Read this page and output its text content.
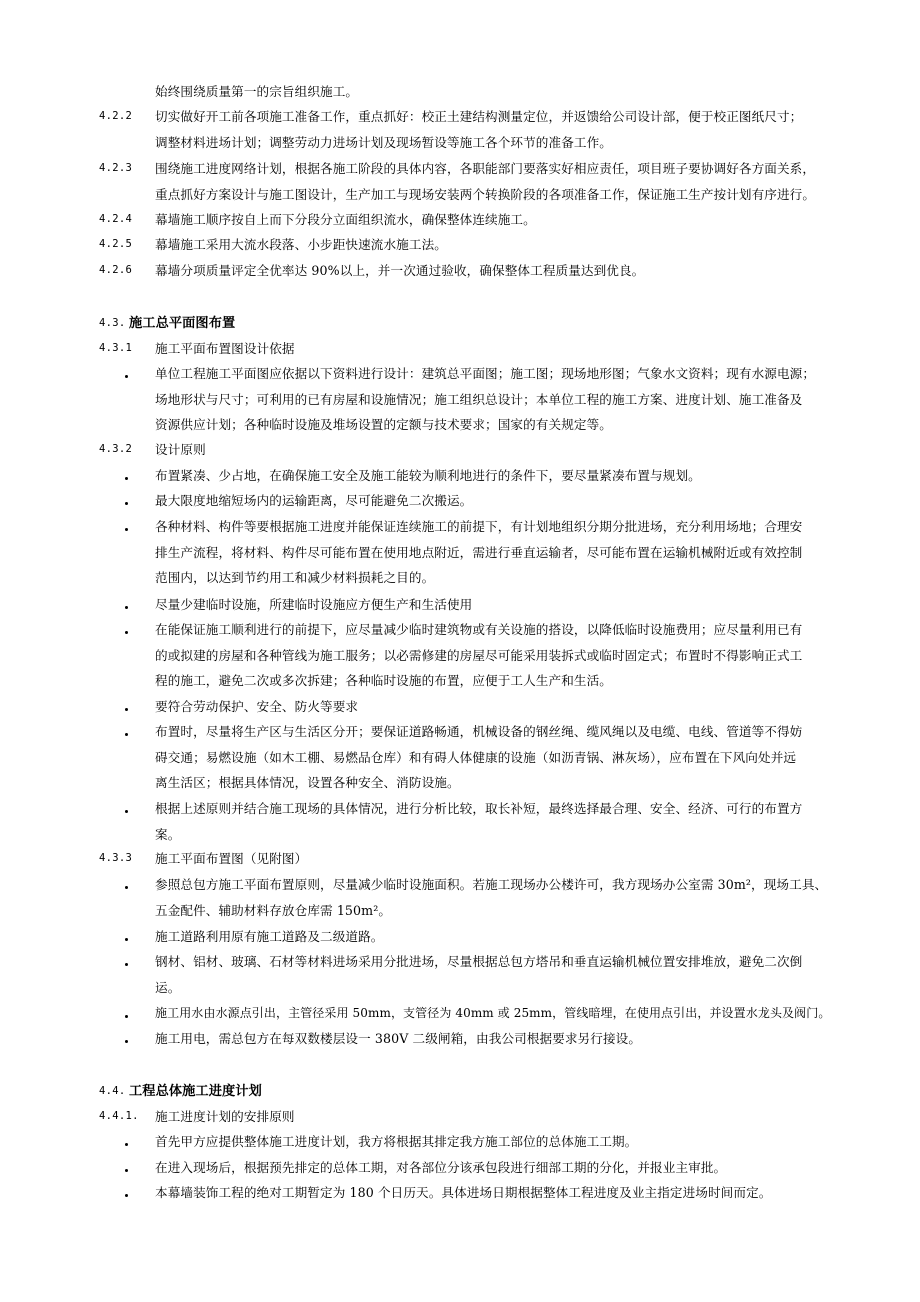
始终围绕质量第一的宗旨组织施工。
4.2.2 切实做好开工前各项施工准备工作，重点抓好：校正土建结构测量定位，并返馈给公司设计部，便于校正图纸尺寸；
调整材料进场计划；调整劳动力进场计划及现场暂设等施工各个环节的准备工作。
4.2.3 围绕施工进度网络计划，根据各施工阶段的具体内容，各职能部门要落实好相应责任，项目班子要协调好各方面关系，
重点抓好方案设计与施工图设计，生产加工与现场安装两个转换阶段的各项准备工作，保证施工生产按计划有序进行。
4.2.4 幕墙施工顺序按自上而下分段分立面组织流水，确保整体连续施工。
4.2.5 幕墙施工采用大流水段落、小步距快速流水施工法。
4.2.6 幕墙分项质量评定全优率达 90%以上，并一次通过验收，确保整体工程质量达到优良。
4.3. 施工总平面图布置
4.3.1 施工平面布置图设计依据
单位工程施工平面图应依据以下资料进行设计：建筑总平面图；施工图；现场地形图；气象水文资料；现有水源电源；
场地形状与尺寸；可利用的已有房屋和设施情况；施工组织总设计；本单位工程的施工方案、进度计划、施工准备及
资源供应计划；各种临时设施及堆场设置的定额与技术要求；国家的有关规定等。
4.3.2 设计原则
布置紧凑、少占地，在确保施工安全及施工能较为顺利地进行的条件下，要尽量紧凑布置与规划。
最大限度地缩短场内的运输距离，尽可能避免二次搬运。
各种材料、构件等要根据施工进度并能保证连续施工的前提下，有计划地组织分期分批进场，充分利用场地；合理安
排生产流程，将材料、构件尽可能布置在使用地点附近，需进行垂直运输者，尽可能布置在运输机械附近或有效控制
范围内，以达到节约用工和减少材料损耗之目的。
尽量少建临时设施，所建临时设施应方便生产和生活使用
在能保证施工顺利进行的前提下，应尽量减少临时建筑物或有关设施的搭设，以降低临时设施费用；应尽量利用已有
的或拟建的房屋和各种管线为施工服务；以必需修建的房屋尽可能采用装拆式或临时固定式；布置时不得影响正式工
程的施工，避免二次或多次拆建；各种临时设施的布置，应便于工人生产和生活。
要符合劳动保护、安全、防火等要求
布置时，尽量将生产区与生活区分开；要保证道路畅通，机械设备的钢丝绳、缆风绳以及电缆、电线、管道等不得妨
碍交通；易燃设施（如木工棚、易燃品仓库）和有碍人体健康的设施（如沥青锅、淋灰场），应布置在下风向处并远
离生活区；根据具体情况，设置各种安全、消防设施。
根据上述原则并结合施工现场的具体情况，进行分析比较，取长补短，最终选择最合理、安全、经济、可行的布置方
案。
4.3.3 施工平面布置图（见附图）
参照总包方施工平面布置原则，尽量减少临时设施面积。若施工现场办公楼许可，我方现场办公室需 30m²，现场工具、
五金配件、辅助材料存放仓库需 150m²。
施工道路利用原有施工道路及二级道路。
钢材、铝材、玻璃、石材等材料进场采用分批进场，尽量根据总包方塔吊和垂直运输机械位置安排堆放，避免二次倒
运。
施工用水由水源点引出，主管径采用 50mm，支管径为 40mm 或 25mm，管线暗埋，在使用点引出，并设置水龙头及阀门。
施工用电，需总包方在每双数楼层设一 380V 二级闸箱，由我公司根据要求另行接设。
4.4. 工程总体施工进度计划
4.4.1. 施工进度计划的安排原则
首先甲方应提供整体施工进度计划，我方将根据其排定我方施工部位的总体施工工期。
在进入现场后，根据预先排定的总体工期，对各部位分该承包段进行细部工期的分化，并报业主审批。
本幕墙装饰工程的绝对工期暂定为 180 个日历天。具体进场日期根据整体工程进度及业主指定进场时间而定。
